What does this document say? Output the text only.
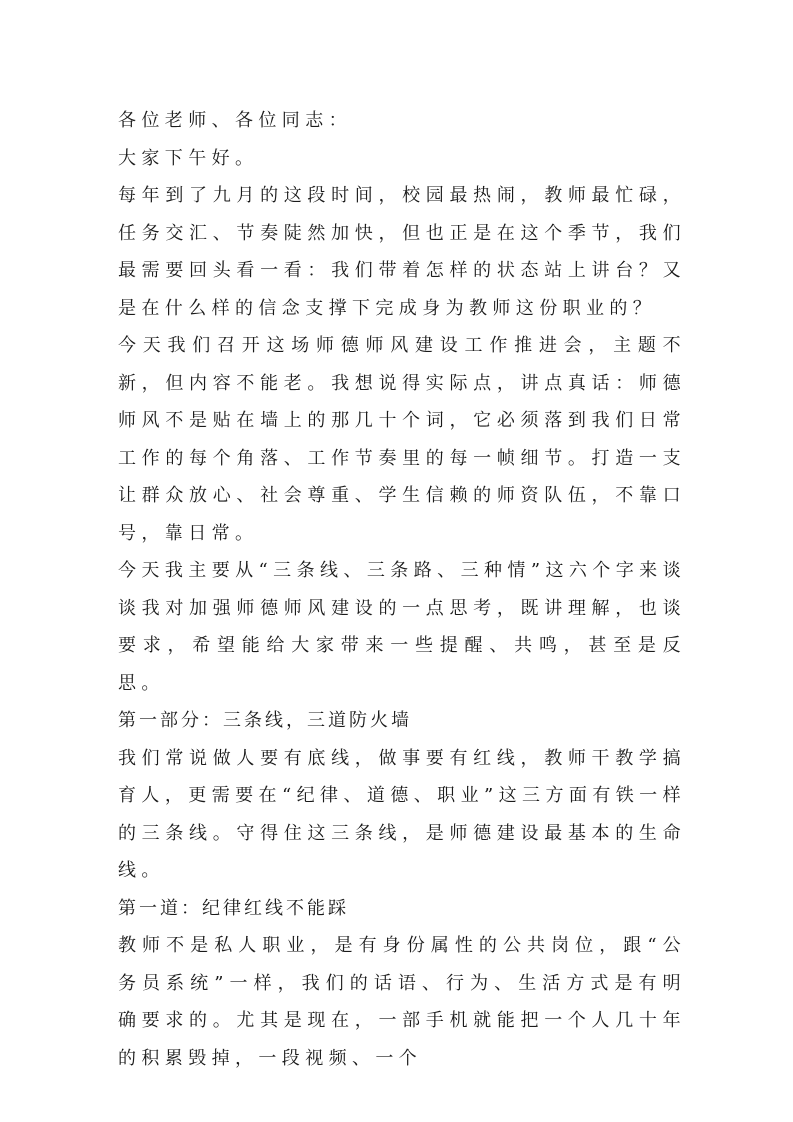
各位老师、各位同志：

大家下午好。

每年到了九月的这段时间，校园最热闹，教师最忙碌，任务交汇、节奏陡然加快，但也正是在这个季节，我们最需要回头看一看：我们带着怎样的状态站上讲台？又是在什么样的信念支撑下完成身为教师这份职业的？

今天我们召开这场师德师风建设工作推进会，主题不新，但内容不能老。我想说得实际点，讲点真话：师德师风不是贴在墙上的那几十个词，它必须落到我们日常工作的每个角落、工作节奏里的每一帧细节。打造一支让群众放心、社会尊重、学生信赖的师资队伍，不靠口号，靠日常。

今天我主要从“三条线、三条路、三种情”这六个字来谈谈我对加强师德师风建设的一点思考，既讲理解，也谈要求，希望能给大家带来一些提醒、共鸣，甚至是反思。

第一部分：三条线，三道防火墙

我们常说做人要有底线，做事要有红线，教师干教学搞育人，更需要在“纪律、道德、职业”这三方面有铁一样的三条线。守得住这三条线，是师德建设最基本的生命线。

第一道：纪律红线不能踩

教师不是私人职业，是有身份属性的公共岗位，跟“公务员系统”一样，我们的话语、行为、生活方式是有明确要求的。尤其是现在，一部手机就能把一个人几十年的积累毁掉，一段视频、一个
